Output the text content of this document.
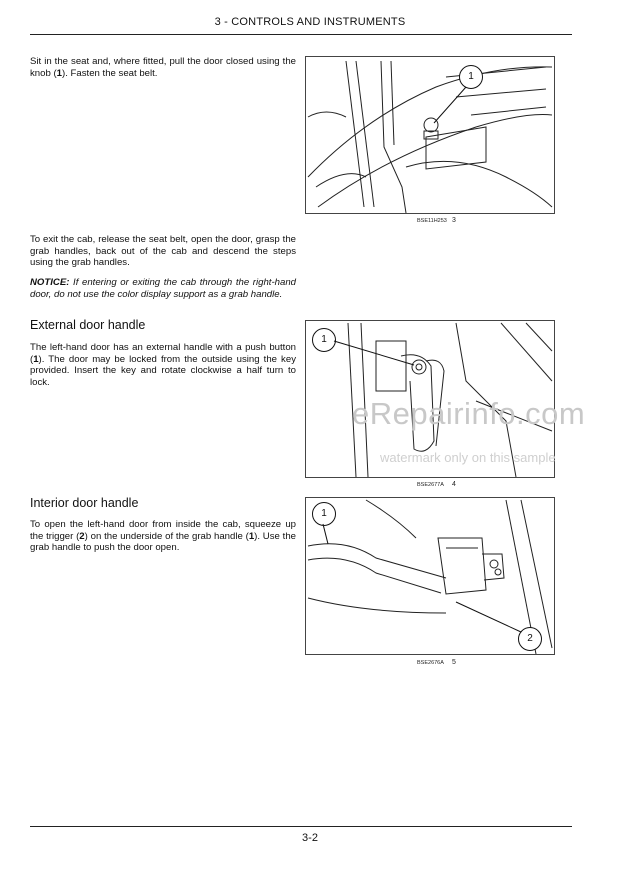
3 - CONTROLS AND INSTRUMENTS
Sit in the seat and, where fitted, pull the door closed using the knob (1). Fasten the seat belt.	1
BSE11H253 3
To exit the cab, release the seat belt, open the door, grasp the grab handles, back out of the cab and descend the steps using the grab handles.
NOTICE: If entering or exiting the cab through the right-hand door, do not use the color display support as a grab handle.
External door handle
The left-hand door has an external handle with a push button (1). The door may be locked from the outside using the key provided. Insert the key and rotate clockwise a half turn to lock.
1
BSE2677A 4
Interior door handle
To open the left-hand door from inside the cab, squeeze up the trigger (2) on the underside of the grab handle (1). Use the grab handle to push the door open.
1
2
BSE2676A 5
eRepairinfo.com
watermark only on this sample
3-2
